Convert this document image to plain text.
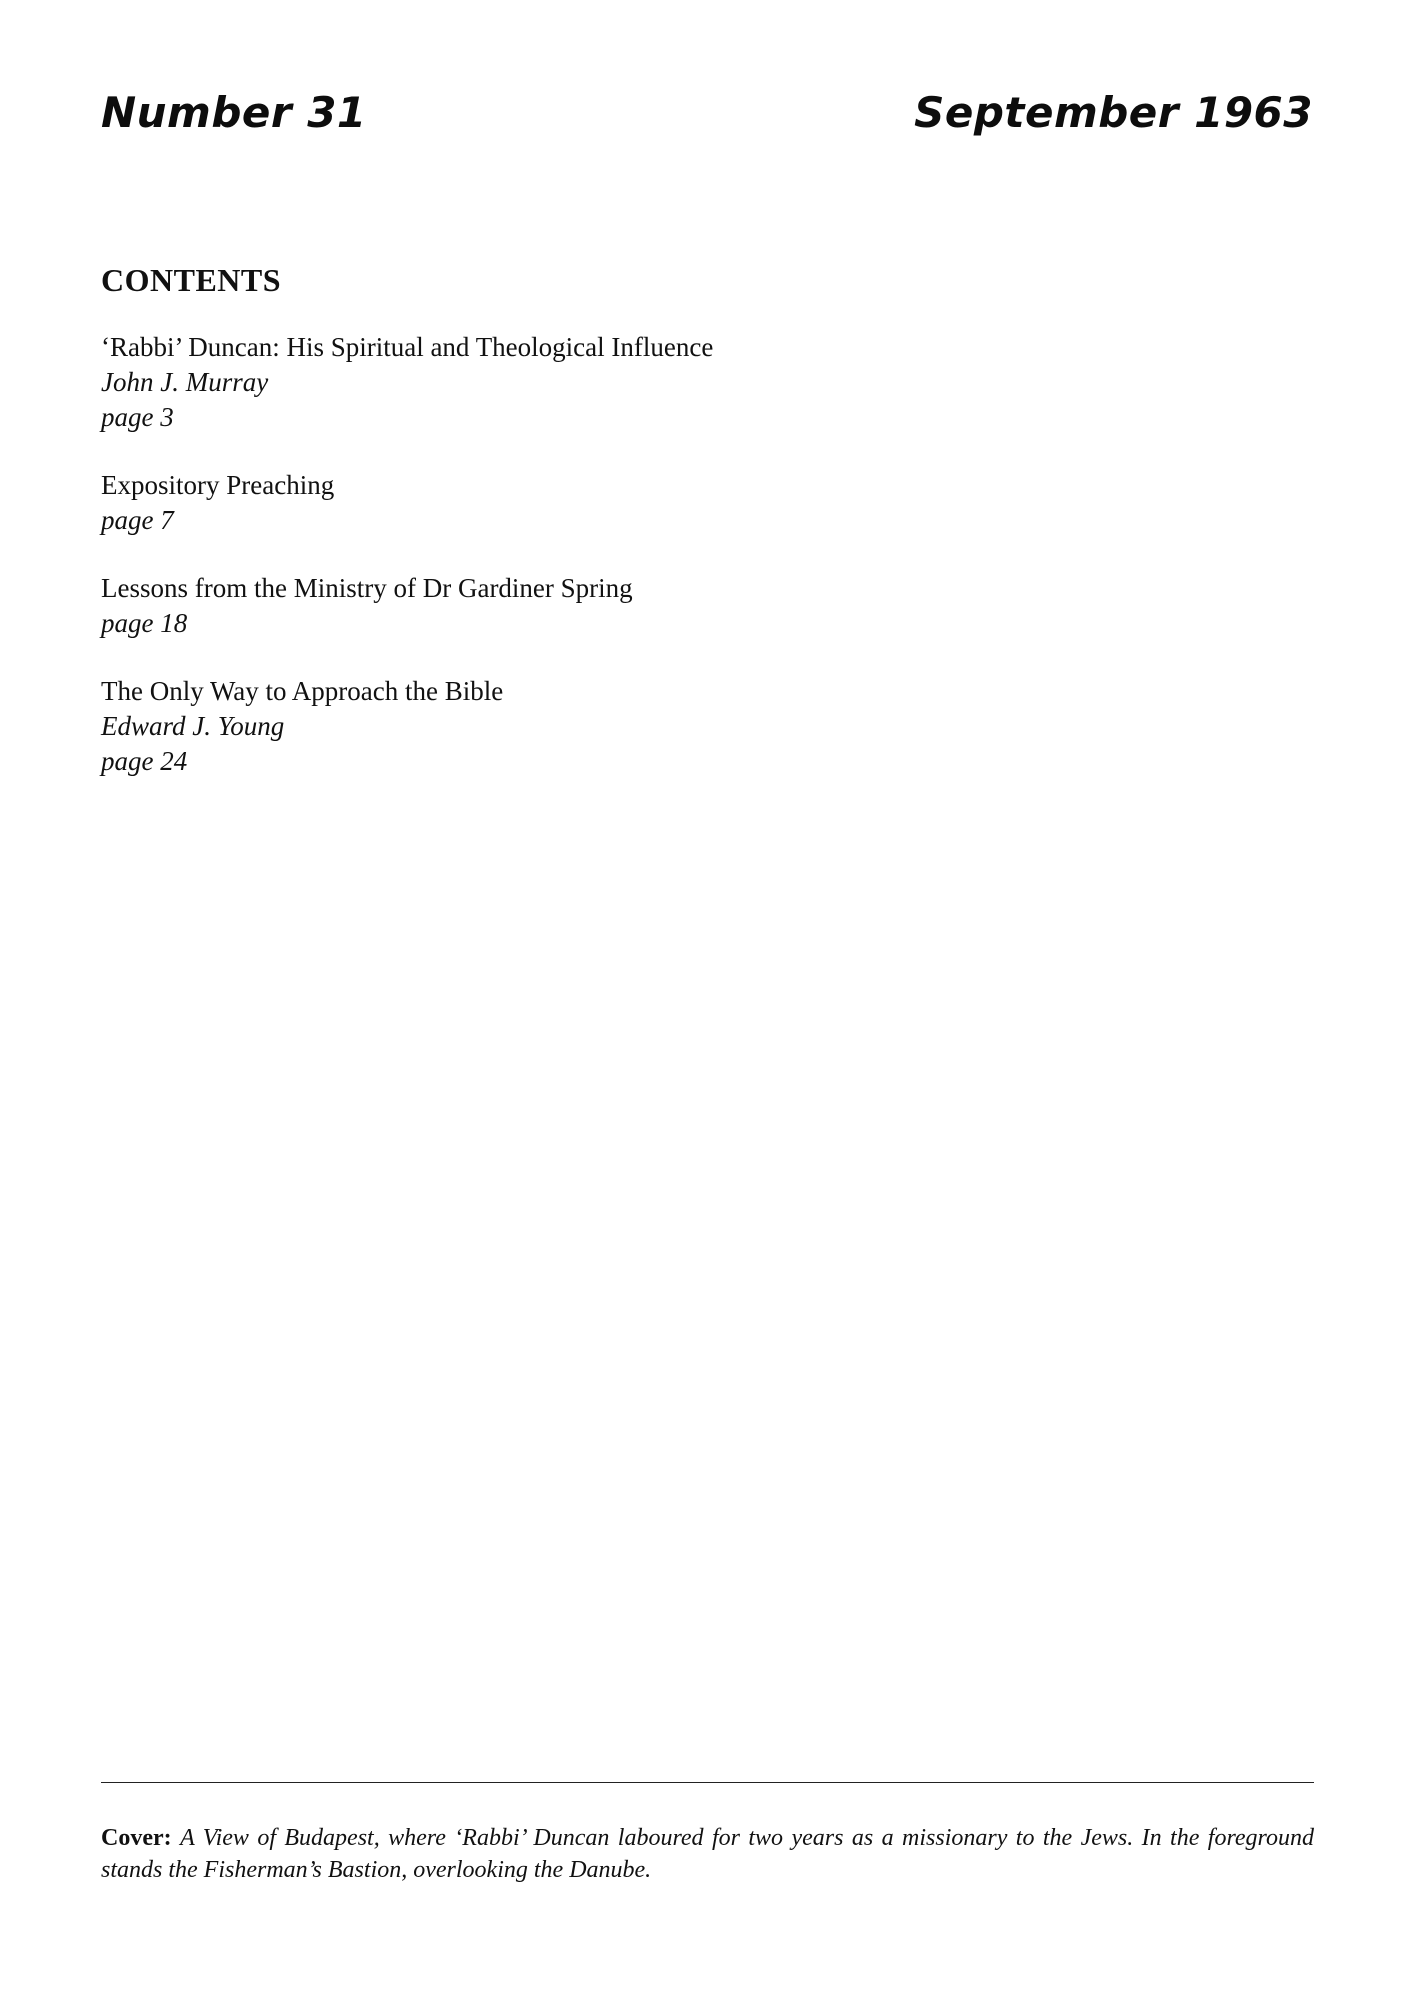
Number 31	September 1963
CONTENTS
‘Rabbi’ Duncan: His Spiritual and Theological Influence
John J. Murray
page 3
Expository Preaching
page 7
Lessons from the Ministry of Dr Gardiner Spring
page 18
The Only Way to Approach the Bible
Edward J. Young
page 24
Cover: A View of Budapest, where ‘Rabbi’ Duncan laboured for two years as a missionary to the Jews. In the foreground stands the Fisherman’s Bastion, overlooking the Danube.
